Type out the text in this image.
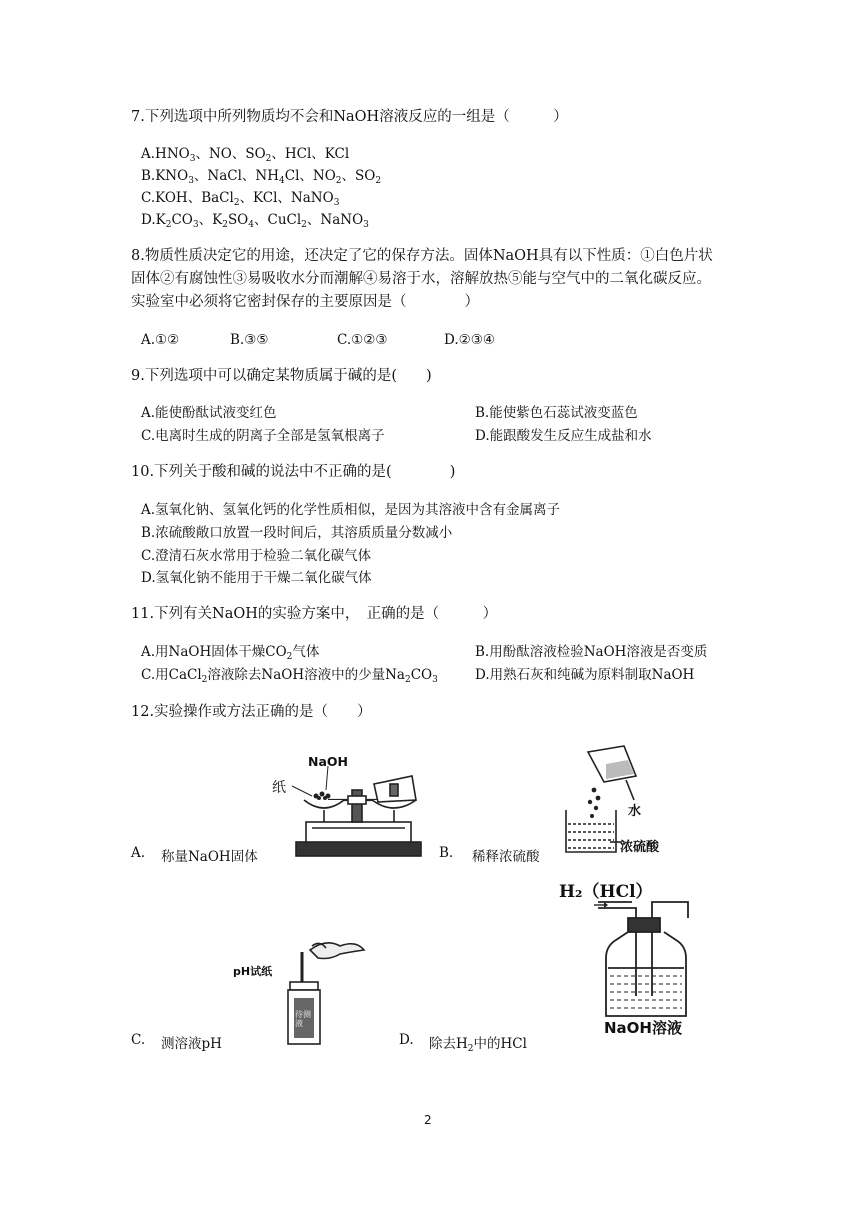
7.下列选项中所列物质均不会和NaOH溶液反应的一组是（　　　）
$A.HNO_3$、NO、$SO_2$、HCl、KCl
$B.KNO_3$、NaCl、$NH_4Cl$、$NO_2$、$SO_2$
C.KOH、BaCl$_2$、KCl、NaNO$_3$
$D.K_2CO_3$、$K_2SO_4$、CuCl$_2$、NaNO$_3$
8.物质性质决定它的用途，还决定了它的保存方法。固体NaOH具有以下性质：①白色片状
固体②有腐蚀性③易吸收水分而潮解④易溶于水，溶解放热⑤能与空气中的二氧化碳反应。
实验室中必须将它密封保存的主要原因是（　　　　）
A.①②	B.③⑤	C.①②③	D.②③④
9.下列选项中可以确定某物质属于碱的是(　　)
A.能使酚酞试液变红色	B.能使紫色石蕊试液变蓝色
C.电离时生成的阴离子全部是氢氧根离子	D.能跟酸发生反应生成盐和水
10.下列关于酸和碱的说法中不正确的是(　　　　)
A.氢氧化钠、氢氧化钙的化学性质相似，是因为其溶液中含有金属离子
B.浓硫酸敞口放置一段时间后，其溶质质量分数减小
C.澄清石灰水常用于检验二氧化碳气体
D.氢氧化钠不能用于干燥二氧化碳气体
11.下列有关NaOH的实验方案中，　正确的是（　　　）
A.用NaOH固体干燥$CO_2$气体	B.用酚酞溶液检验NaOH溶液是否变质
C.用CaCl$_2$溶液除去NaOH溶液中的少量$Na_2CO_3$	D.用熟石灰和纯碱为原料制取NaOH
12.实验操作或方法正确的是（　　）
A. 称量NaOH固体
NaOH
纸
B. 稀释浓硫酸
水
浓硫酸
C. 测溶液pH
pH试纸
待测液
D. 除去$H_2$中的HCl
H₂（HCl）
NaOH溶液
2
